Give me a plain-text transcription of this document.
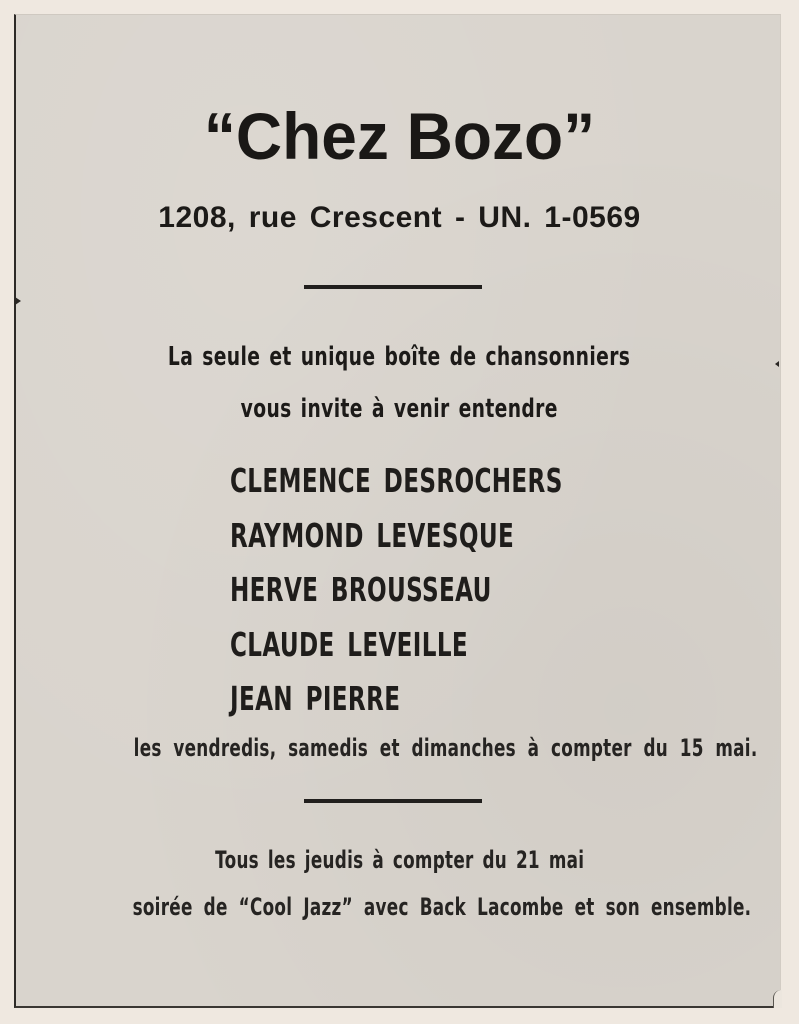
“Chez Bozo”
1208, rue Crescent - UN. 1-0569
La seule et unique boîte de chansonniers
vous invite à venir entendre
CLEMENCE DESROCHERS
RAYMOND LEVESQUE
HERVE BROUSSEAU
CLAUDE LEVEILLE
JEAN PIERRE
les vendredis, samedis et dimanches à compter du 15 mai.
Tous les jeudis à compter du 21 mai
soirée de “Cool Jazz” avec Back Lacombe et son ensemble.
